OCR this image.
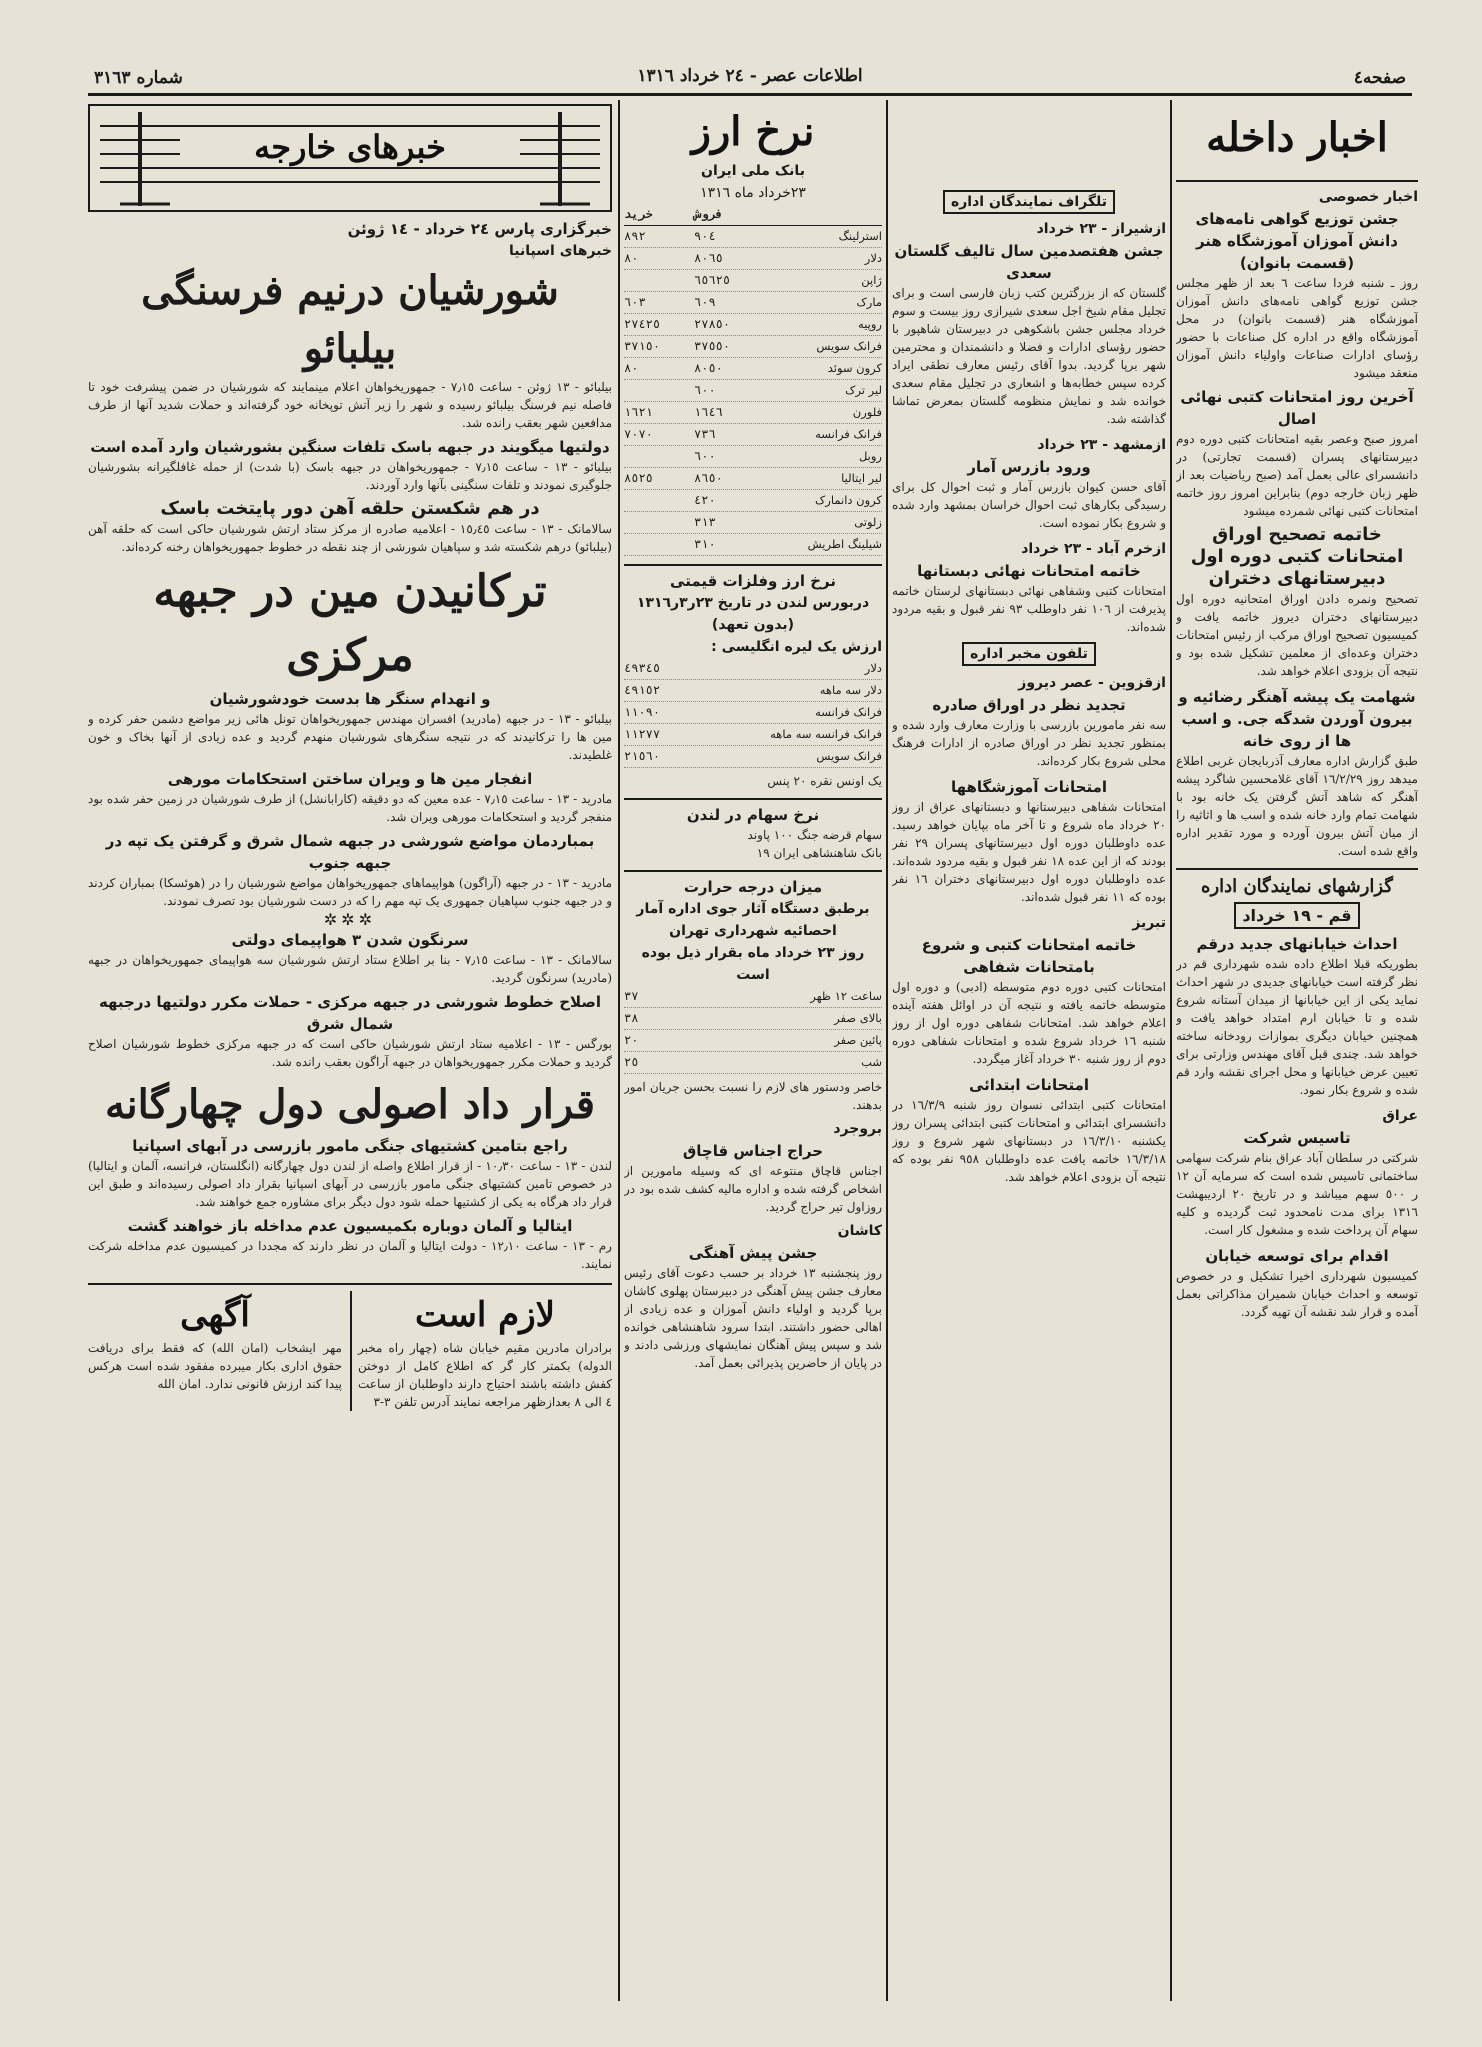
صفحه٤
اطلاعات عصر - ٢٤ خرداد ١٣١٦
شماره ٣١٦٣
اخبار داخله
اخبار خصوصی
جشن توزیع گواهی نامه‌های دانش آموزان آموزشگاه هنر (قسمت بانوان)

روز ـ شنبه فردا ساعت ٦ بعد از ظهر مجلس جشن توزیع گواهی نامه‌های دانش آموزان آموزشگاه هنر (قسمت بانوان) در محل آموزشگاه واقع در اداره کل صناعات با حضور رؤسای ادارات صناعات واولیاء دانش آموزان منعقد میشود

آخرین روز امتحانات کتبی نهائی اصال

امروز صبح وعصر بقیه امتحانات کتبی دوره دوم دبیرستانهای پسران (قسمت تجارتی) در دانشسرای عالی بعمل آمد (صبح ریاضیات بعد از ظهر زبان خارجه دوم) بنابراین امروز روز خاتمه امتحانات کتبی نهائی شمرده میشود

خاتمه تصحیح اوراق امتحانات کتبی دوره اول دبیرستانهای دختران

تصحیح ونمره دادن اوراق امتحانیه دوره اول دبیرستانهای دختران دیروز خاتمه یافت و کمیسیون تصحیح اوراق مرکب از رئیس امتحانات دختران وعده‌ای از معلمین تشکیل شده بود و نتیجه آن بزودی اعلام خواهد شد.

شهامت یک پیشه آهنگر رضائیه و بیرون آوردن شدگه جی. و اسب ها از روی خانه

طبق گزارش اداره معارف آذربایجان غربی اطلاع میدهد روز ١٦/٢/٢٩ آقای غلامحسین شاگرد پیشه آهنگر که شاهد آتش گرفتن یک خانه بود با شهامت تمام وارد خانه شده و اسب ها و اثاثیه را از میان آتش بیرون آورده و مورد تقدیر اداره واقع شده است.

گزارشهای نمایندگان اداره
قم - ١٩ خرداد
احداث خیابانهای جدید درقم

بطوریکه قبلا اطلاع داده شده شهرداری قم در نظر گرفته است خیابانهای جدیدی در شهر احداث نماید یکی از این خیابانها از میدان آستانه شروع شده و تا خیابان ارم امتداد خواهد یافت و همچنین خیابان دیگری بموازات رودخانه ساخته خواهد شد. چندی قبل آقای مهندس وزارتی برای تعیین عرض خیابانها و محل اجرای نقشه وارد قم شده و شروع بکار نمود.

عراق
تاسیس شرکت

شرکتی در سلطان آباد عراق بنام شرکت سهامی ساختمانی تاسیس شده است که سرمایه آن ١٢ ر ٥٠٠ سهم میباشد و در تاریخ ٢٠ اردیبهشت ١٣١٦ برای مدت نامحدود ثبت گردیده و کلیه سهام آن پرداخت شده و مشغول کار است.

اقدام برای توسعه خیابان

کمیسیون شهرداری اخیرا تشکیل و در خصوص توسعه و احداث خیابان شمیران مذاکراتی بعمل آمده و قرار شد نقشه آن تهیه گردد.

تلگراف نمایندگان اداره
ازشیراز - ٢٣ خرداد
جشن هفتصدمین سال تالیف گلستان سعدی

گلستان که از بزرگترین کتب زبان فارسی است و برای تجلیل مقام شیخ اجل سعدی شیرازی روز بیست و سوم خرداد مجلس جشن باشکوهی در دبیرستان شاهپور با حضور رؤسای ادارات و فضلا و دانشمندان و محترمین شهر برپا گردید. بدوا آقای رئیس معارف نطقی ایراد کرده سپس خطابه‌ها و اشعاری در تجلیل مقام سعدی خوانده شد و نمایش منظومه گلستان بمعرض تماشا گذاشته شد.

ازمشهد - ٢٣ خرداد
ورود بازرس آمار

آقای حسن کیوان بازرس آمار و ثبت احوال کل برای رسیدگی بکارهای ثبت احوال خراسان بمشهد وارد شده و شروع بکار نموده است.

ازخرم آباد - ٢٣ خرداد
خاتمه امتحانات نهائی دبستانها

امتحانات کتبی وشفاهی نهائی دبستانهای لرستان خاتمه پذیرفت از ١٠٦ نفر داوطلب ٩٣ نفر قبول و بقیه مردود شده‌اند.

تلفون مخبر اداره
ازقزوین - عصر دیروز
تجدید نظر در اوراق صادره

سه نفر مامورین بازرسی با وزارت معارف وارد شده و بمنظور تجدید نظر در اوراق صادره از ادارات فرهنگ محلی شروع بکار کرده‌اند.

امتحانات آموزشگاهها

امتحانات شفاهی دبیرستانها و دبستانهای عراق از روز ٢٠ خرداد ماه شروع و تا آخر ماه بپایان خواهد رسید. عده داوطلبان دوره اول دبیرستانهای پسران ٢٩ نفر بودند که از این عده ١٨ نفر قبول و بقیه مردود شده‌اند. عده داوطلبان دوره اول دبیرستانهای دختران ١٦ نفر بوده که ١١ نفر قبول شده‌اند.

تبریز
خاتمه امتحانات کتبی و شروع بامتحانات شفاهی

امتحانات کتبی دوره دوم متوسطه (ادبی) و دوره اول متوسطه خاتمه یافته و نتیجه آن در اوائل هفته آینده اعلام خواهد شد. امتحانات شفاهی دوره اول از روز شنبه ١٦ خرداد شروع شده و امتحانات شفاهی دوره دوم از روز شنبه ٣٠ خرداد آغاز میگردد.

امتحانات ابتدائی

امتحانات کتبی ابتدائی نسوان روز شنبه ١٦/٣/٩ در دانشسرای ابتدائی و امتحانات کتبی ابتدائی پسران روز یکشنبه ١٦/٣/١٠ در دبستانهای شهر شروع و روز ١٦/٣/١٨ خاتمه یافت عده داوطلبان ٩٥٨ نفر بوده که نتیجه آن بزودی اعلام خواهد شد.

نرخ ارز
بانک ملی ایران
٢٣خرداد ماه ١٣١٦
فروش
خرید
استرلینگ
٩٠٤
٨٩٢
دلار
٨٠٦٥
٨٠
ژاپن
٦٥٦٢٥
مارک
٦٠٩
٦٠٣
روپیه
٢٧٨٥٠
٢٧٤٢٥
فرانک سویس
٣٧٥٥٠
٣٧١٥٠
کرون سوئد
٨٠٥٠
٨٠
لیر ترک
٦٠٠
فلورن
١٦٤٦
١٦٢١
فرانک فرانسه
٧٣٦
٧٠٧٠
روبل
٦٠٠
لیر ایتالیا
٨٦٥٠
٨٥٢٥
کرون دانمارک
٤٢٠
زلوتی
٣١٣
شیلینگ اطریش
٣١٠
نرخ ارز وفلزات قیمتی
دربورس لندن در تاریخ ٢٣ر٣ر١٣١٦
(بدون تعهد)
ارزش یک لیره انگلیسی :
دلار
٤٩٣٤٥
دلار سه ماهه
٤٩١٥٢
فرانک فرانسه
١١٠٩٠
فرانک فرانسه سه ماهه
١١٢٧٧
فرانک سویس
٢١٥٦٠

یک اونس نقره ٢٠ پنس

نرخ سهام در لندن

سهام قرضه جنگ ١٠٠ پاوند

بانک شاهنشاهی ایران ١٩

میزان درجه حرارت
برطبق دستگاه آثار جوی اداره آمار احصائیه شهرداری تهران
روز ٢٣ خرداد ماه بقرار ذیل بوده است
ساعت ١٢ ظهر
٣٧
بالای صفر
٣٨
پائین صفر
٢٠
شب
٢٥

خاصر ودستور های لازم را نسبت بحسن جریان امور بدهند.

بروجرد
حراج اجناس قاچاق

اجناس قاچاق منتوعه ای که وسیله مامورین از اشخاص گرفته شده و اداره مالیه کشف شده بود در روزاول تیر حراج گردید.

کاشان
جشن پیش آهنگی

روز پنجشنبه ١٣ خرداد بر حسب دعوت آقای رئیس معارف جشن پیش آهنگی در دبیرستان پهلوی کاشان برپا گردید و اولیاء دانش آموزان و عده زیادی از اهالی حضور داشتند. ابتدا سرود شاهنشاهی خوانده شد و سپس پیش آهنگان نمایشهای ورزشی دادند و در پایان از حاضرین پذیرائی بعمل آمد.

خبرهای خارجه
خبرگزاری پارس ٢٤ خرداد - ١٤ ژوئن
خبرهای اسپانیا
شورشیان درنیم فرسنگی بیلبائو

بیلبائو - ١٣ ژوئن - ساعت ٧٫١٥ - جمهوریخواهان اعلام مینمایند که شورشیان در ضمن پیشرفت خود تا فاصله نیم فرسنگ بیلبائو رسیده و شهر را زیر آتش توپخانه خود گرفته‌اند و حملات شدید آنها از طرف مدافعین شهر بعقب رانده شد.

دولتیها میگویند در جبهه باسک تلفات سنگین بشورشیان وارد آمده است

بیلبائو - ١٣ - ساعت ٧٫١٥ - جمهوریخواهان در جبهه باسک (با شدت) از حمله غافلگیرانه بشورشیان جلوگیری نمودند و تلفات سنگینی بآنها وارد آوردند.

در هم شکستن حلقه آهن دور پایتخت باسک

سالامانک - ١٣ - ساعت ١٥٫٤٥ - اعلامیه صادره از مرکز ستاد ارتش شورشیان حاکی است که حلقه آهن (بیلبائو) درهم شکسته شد و سپاهیان شورشی از چند نقطه در خطوط جمهوریخواهان رخنه کرده‌اند.

ترکانیدن مین در جبهه مرکزی
و انهدام سنگر ها بدست خودشورشیان

بیلبائو - ١٣ - در جبهه (مادرید) افسران مهندس جمهوریخواهان تونل هائی زیر مواضع دشمن حفر کرده و مین ها را ترکانیدند که در نتیجه سنگرهای شورشیان منهدم گردید و عده زیادی از آنها بخاک و خون غلطیدند.

انفجار مین ها و ویران ساختن استحکامات مورهی

مادرید - ١٣ - ساعت ٧٫١٥ - عده معین که دو دقیقه (کارابانشل) از طرف شورشیان در زمین حفر شده بود منفجر گردید و استحکامات مورهی ویران شد.

بمباردمان مواضع شورشی در جبهه شمال شرق و گرفتن یک تپه در جبهه جنوب

مادرید - ١٣ - در جبهه (آراگون) هواپیماهای جمهوریخواهان مواضع شورشیان را در (هوئسکا) بمباران کردند و در جبهه جنوب سپاهیان جمهوری یک تپه مهم را که در دست شورشیان بود تصرف نمودند.

✲✲✲
سرنگون شدن ٣ هواپیمای دولتی

سالامانک - ١٣ - ساعت ٧٫١٥ - بنا بر اطلاع ستاد ارتش شورشیان سه هواپیمای جمهوریخواهان در جبهه (مادرید) سرنگون گردید.

اصلاح خطوط شورشی در جبهه مرکزی - حملات مکرر دولتیها درجبهه شمال شرق

بورگس - ١٣ - اعلامیه ستاد ارتش شورشیان حاکی است که در جبهه مرکزی خطوط شورشیان اصلاح گردید و حملات مکرر جمهوریخواهان در جبهه آراگون بعقب رانده شد.

قرار داد اصولی دول چهارگانه
راجع بتامین کشتیهای جنگی مامور بازرسی در آبهای اسپانیا

لندن - ١٣ - ساعت ١٠٫٣٠ - از قرار اطلاع واصله از لندن دول چهارگانه (انگلستان، فرانسه، آلمان و ایتالیا) در خصوص تامین کشتیهای جنگی مامور بازرسی در آبهای اسپانیا بقرار داد اصولی رسیده‌اند و طبق این قرار داد هرگاه به یکی از کشتیها حمله شود دول دیگر برای مشاوره جمع خواهند شد.

ایتالیا و آلمان دوباره بکمیسیون عدم مداخله باز خواهند گشت

رم - ١٣ - ساعت ١٢٫١٠ - دولت ایتالیا و آلمان در نظر دارند که مجددا در کمیسیون عدم مداخله شرکت نمایند.

لازم است

برادران مادرین مقیم خیابان شاه (چهار راه مخبر الدوله) بکمتر کار گر که اطلاع کامل از دوختن کفش داشته باشند احتیاج دارند داوطلبان از ساعت ٤ الی ٨ بعدازظهر مراجعه نمایند آدرس تلفن ٣-٣

آگهی

مهر ایشخاب (امان الله) که فقط برای دریافت حقوق اداری بکار میبرده مفقود شده است هرکس پیدا کند ارزش قانونی ندارد. امان الله
